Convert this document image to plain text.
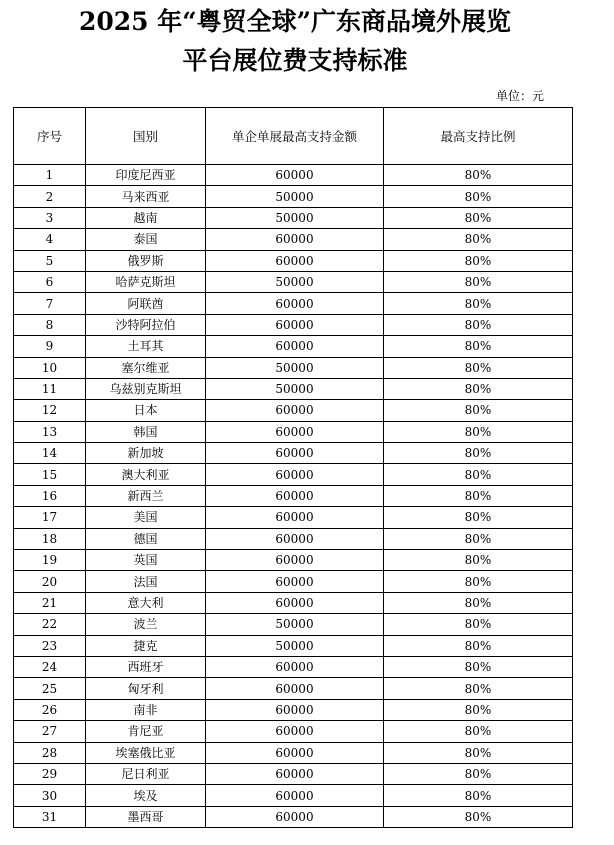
2025 年“粤贸全球”广东商品境外展览
平台展位费支持标准
单位：元
序号	国别	单企单展最高支持金额	最高支持比例
1	印度尼西亚	60000	80%
2	马来西亚	50000	80%
3	越南	50000	80%
4	泰国	60000	80%
5	俄罗斯	60000	80%
6	哈萨克斯坦	50000	80%
7	阿联酋	60000	80%
8	沙特阿拉伯	60000	80%
9	土耳其	60000	80%
10	塞尔维亚	50000	80%
11	乌兹别克斯坦	50000	80%
12	日本	60000	80%
13	韩国	60000	80%
14	新加坡	60000	80%
15	澳大利亚	60000	80%
16	新西兰	60000	80%
17	美国	60000	80%
18	德国	60000	80%
19	英国	60000	80%
20	法国	60000	80%
21	意大利	60000	80%
22	波兰	50000	80%
23	捷克	50000	80%
24	西班牙	60000	80%
25	匈牙利	60000	80%
26	南非	60000	80%
27	肯尼亚	60000	80%
28	埃塞俄比亚	60000	80%
29	尼日利亚	60000	80%
30	埃及	60000	80%
31	墨西哥	60000	80%
